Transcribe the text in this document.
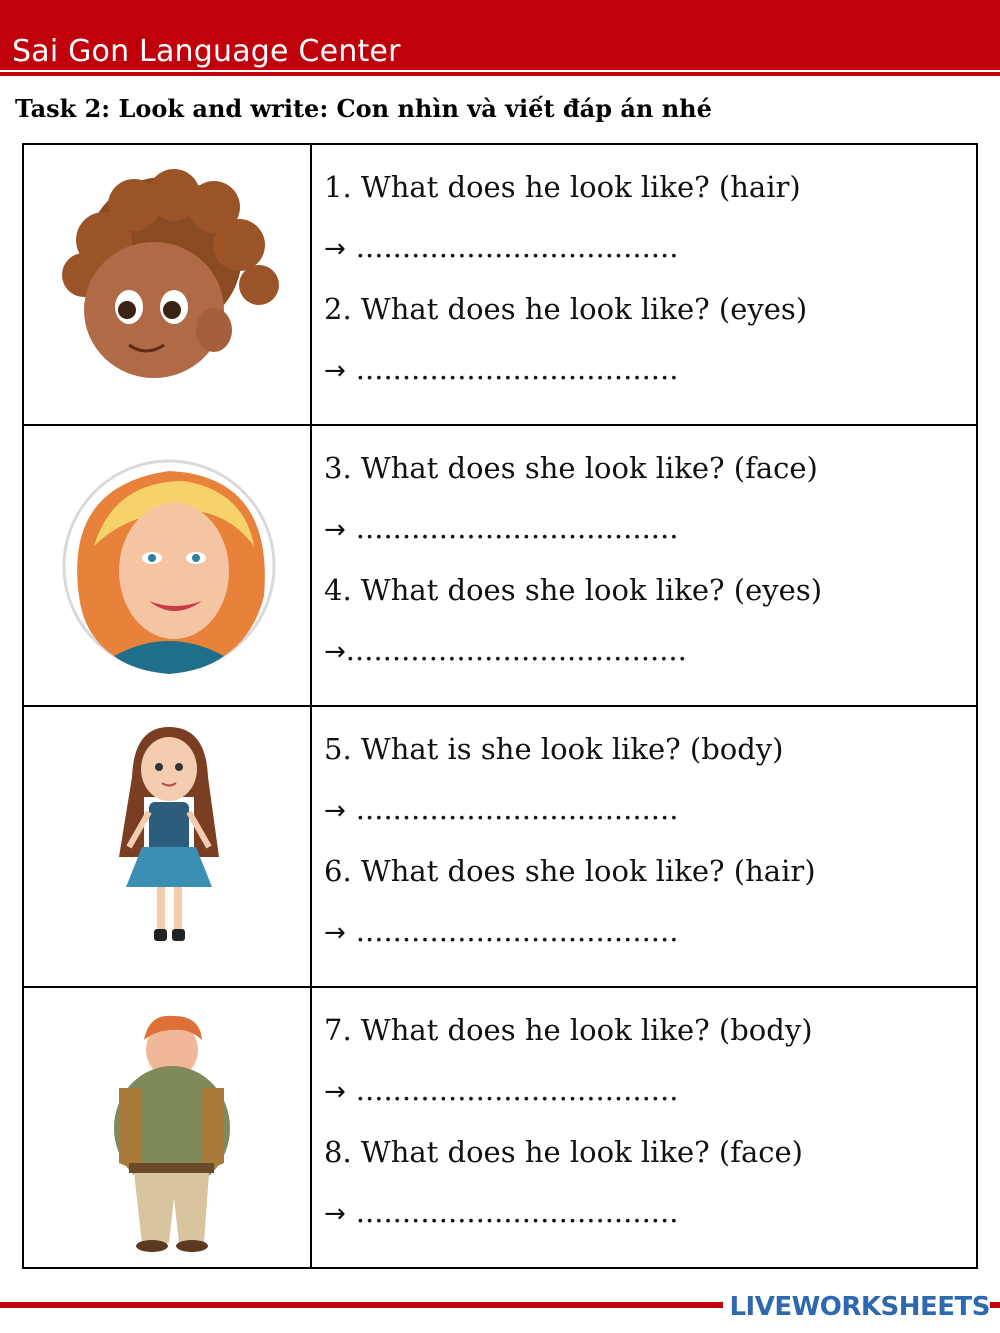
Sai Gon Language Center
Task 2: Look and write: Con nhìn và viết đáp án nhé

1. What does he look like? (hair)
→ ...................................
2. What does he look like? (eyes)
→ ...................................

3. What does she look like? (face)
→ ...................................
4. What does she look like? (eyes)
→.....................................

5. What is she look like? (body)
→ ...................................
6. What does she look like? (hair)
→ ...................................

7. What does he look like? (body)
→ ...................................
8. What does he look like? (face)
→ ...................................
LIVEWORKSHEETS
